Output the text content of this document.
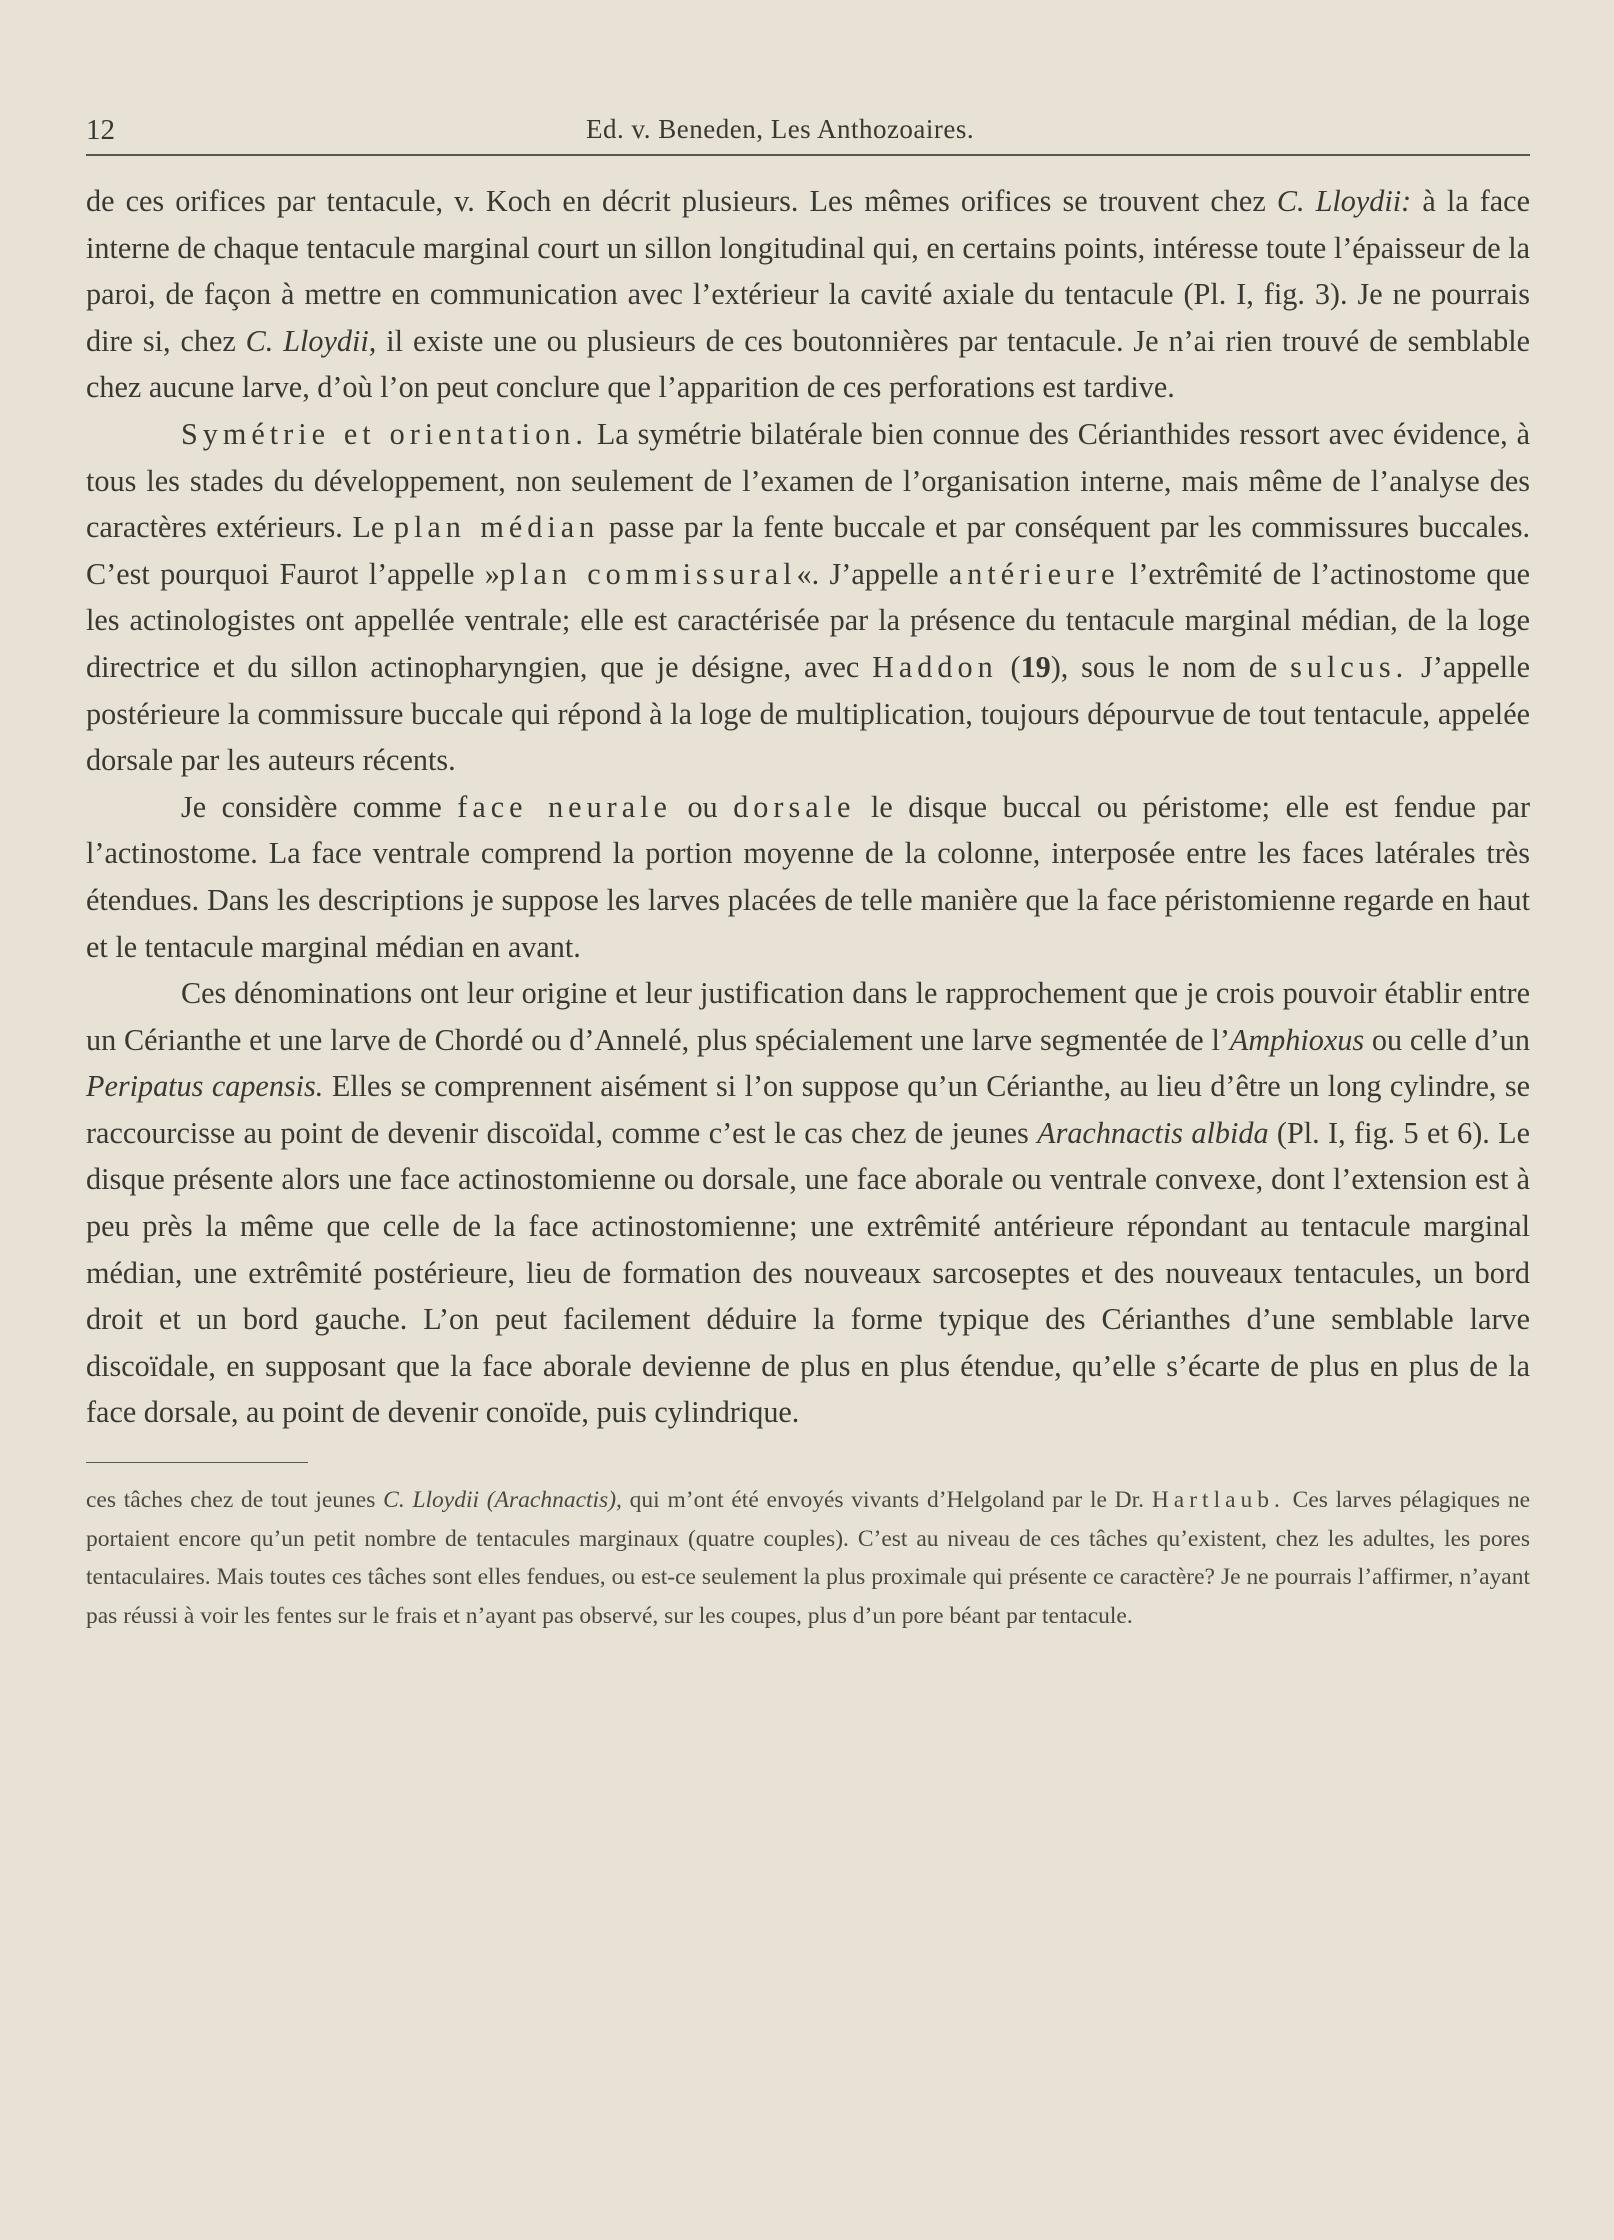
12	Ed. v. Beneden, Les Anthozoaires.

de ces orifices par tentacule, v. Koch en décrit plusieurs. Les mêmes orifices se trouvent chez C. Lloydii: à la face interne de chaque tentacule marginal court un sillon longitudinal qui, en certains points, intéresse toute l’épaisseur de la paroi, de façon à mettre en communication avec l’extérieur la cavité axiale du tentacule (Pl. I, fig. 3). Je ne pourrais dire si, chez C. Lloydii, il existe une ou plusieurs de ces boutonnières par tentacule. Je n’ai rien trouvé de semblable chez aucune larve, d’où l’on peut conclure que l’apparition de ces perforations est tardive.

Symétrie et orientation. La symétrie bilatérale bien connue des Cérianthides ressort avec évidence, à tous les stades du développement, non seulement de l’examen de l’organisation interne, mais même de l’analyse des caractères extérieurs. Le plan médian passe par la fente buccale et par conséquent par les commissures buccales. C’est pourquoi Faurot l’appelle »plan commissural«. J’appelle antérieure l’extrêmité de l’actinostome que les actinologistes ont appellée ventrale; elle est caractérisée par la présence du tentacule marginal médian, de la loge directrice et du sillon actinopharyngien, que je désigne, avec Haddon (19), sous le nom de sulcus. J’appelle postérieure la commissure buccale qui répond à la loge de multiplication, toujours dépourvue de tout tentacule, appelée dorsale par les auteurs récents.

Je considère comme face neurale ou dorsale le disque buccal ou péristome; elle est fendue par l’actinostome. La face ventrale comprend la portion moyenne de la colonne, interposée entre les faces latérales très étendues. Dans les descriptions je suppose les larves placées de telle manière que la face péristomienne regarde en haut et le tentacule marginal médian en avant.

Ces dénominations ont leur origine et leur justification dans le rapprochement que je crois pouvoir établir entre un Cérianthe et une larve de Chordé ou d’Annelé, plus spécialement une larve segmentée de l’Amphioxus ou celle d’un Peripatus capensis. Elles se comprennent aisément si l’on suppose qu’un Cérianthe, au lieu d’être un long cylindre, se raccourcisse au point de devenir discoïdal, comme c’est le cas chez de jeunes Arachnactis albida (Pl. I, fig. 5 et 6). Le disque présente alors une face actinostomienne ou dorsale, une face aborale ou ventrale convexe, dont l’extension est à peu près la même que celle de la face actinostomienne; une extrêmité antérieure répondant au tentacule marginal médian, une extrêmité postérieure, lieu de formation des nouveaux sarcoseptes et des nouveaux tentacules, un bord droit et un bord gauche. L’on peut facilement déduire la forme typique des Cérianthes d’une semblable larve discoïdale, en supposant que la face aborale devienne de plus en plus étendue, qu’elle s’écarte de plus en plus de la face dorsale, au point de devenir conoïde, puis cylindrique.

ces tâches chez de tout jeunes C. Lloydii (Arachnactis), qui m’ont été envoyés vivants d’Helgoland par le Dr. Hartlaub. Ces larves pélagiques ne portaient encore qu’un petit nombre de tentacules marginaux (quatre couples). C’est au niveau de ces tâches qu’existent, chez les adultes, les pores tentaculaires. Mais toutes ces tâches sont elles fendues, ou est-ce seulement la plus proximale qui présente ce caractère? Je ne pourrais l’affirmer, n’ayant pas réussi à voir les fentes sur le frais et n’ayant pas observé, sur les coupes, plus d’un pore béant par tentacule.
